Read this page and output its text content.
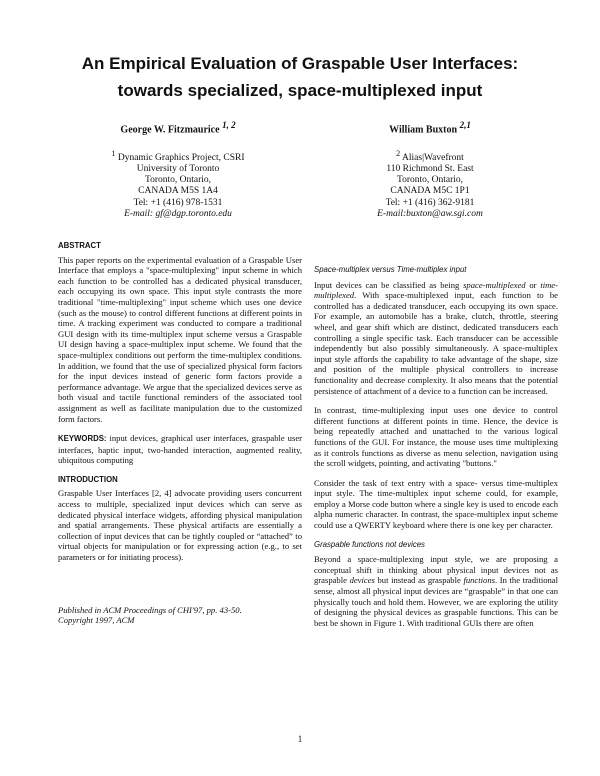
An Empirical Evaluation of Graspable User Interfaces:
towards specialized, space-multiplexed input
George W. Fitzmaurice $^{1, 2}$
$^1$ Dynamic Graphics Project, CSRI
University of Toronto
Toronto, Ontario,
CANADA M5S 1A4
Tel: +1 (416) 978-1531
E-mail: gf@dgp.toronto.edu
William Buxton $^{2,1}$
$^2$ Alias|Wavefront
110 Richmond St. East
Toronto, Ontario,
CANADA M5C 1P1
Tel: +1 (416) 362-9181
E-mail:buxton@aw.sgi.com
ABSTRACT

This paper reports on the experimental evaluation of a Graspable User Interface that employs a "space-multiplexing" input scheme in which each function to be controlled has a dedicated physical transducer, each occupying its own space. This input style contrasts the more traditional "time-multiplexing" input scheme which uses one device (such as the mouse) to control different functions at different points in time. A tracking experiment was conducted to compare a traditional GUI design with its time-multiplex input scheme versus a Graspable UI design having a space-multiplex input scheme. We found that the space-multiplex conditions out perform the time-multiplex conditions. In addition, we found that the use of specialized physical form factors for the input devices instead of generic form factors provide a performance advantage. We argue that the specialized devices serve as both visual and tactile functional reminders of the associated tool assignment as well as facilitate manipulation due to the customized form factors.

KEYWORDS: input devices, graphical user interfaces, graspable user interfaces, haptic input, two-handed interaction, augmented reality, ubiquitous computing

INTRODUCTION

Graspable User Interfaces [2, 4] advocate providing users concurrent access to multiple, specialized input devices which can serve as dedicated physical interface widgets, affording physical manipulation and spatial arrangements. These physical artifacts are essentially a collection of input devices that can be tightly coupled or “attached” to virtual objects for manipulation or for expressing action (e.g., to set parameters or for initiating process).

Published in ACM Proceedings of CHI'97, pp. 43-50.
Copyright 1997, ACM
Space-multiplex versus Time-multiplex input

Input devices can be classified as being space-multiplexed or time-multiplexed. With space-multiplexed input, each function to be controlled has a dedicated transducer, each occupying its own space. For example, an automobile has a brake, clutch, throttle, steering wheel, and gear shift which are distinct, dedicated transducers each controlling a single specific task. Each transducer can be accessible independently but also possibly simultaneously. A space-multiplex input style affords the capability to take advantage of the shape, size and position of the multiple physical controllers to increase functionality and decrease complexity. It also means that the potential persistence of attachment of a device to a function can be increased.

In contrast, time-multiplexing input uses one device to control different functions at different points in time. Hence, the device is being repeatedly attached and unattached to the various logical functions of the GUI. For instance, the mouse uses time multiplexing as it controls functions as diverse as menu selection, navigation using the scroll widgets, pointing, and activating "buttons."

Consider the task of text entry with a space- versus time-multiplex input style. The time-multiplex input scheme could, for example, employ a Morse code button where a single key is used to encode each alpha numeric character. In contrast, the space-multiplex input scheme could use a QWERTY keyboard where there is one key per character.

Graspable functions not devices

Beyond a space-multiplexing input style, we are proposing a conceptual shift in thinking about physical input devices not as graspable devices but instead as graspable functions. In the traditional sense, almost all physical input devices are “graspable” in that one can physically touch and hold them. However, we are exploring the utility of designing the physical devices as graspable functions. This can be best be shown in Figure 1. With traditional GUIs there are often

1
